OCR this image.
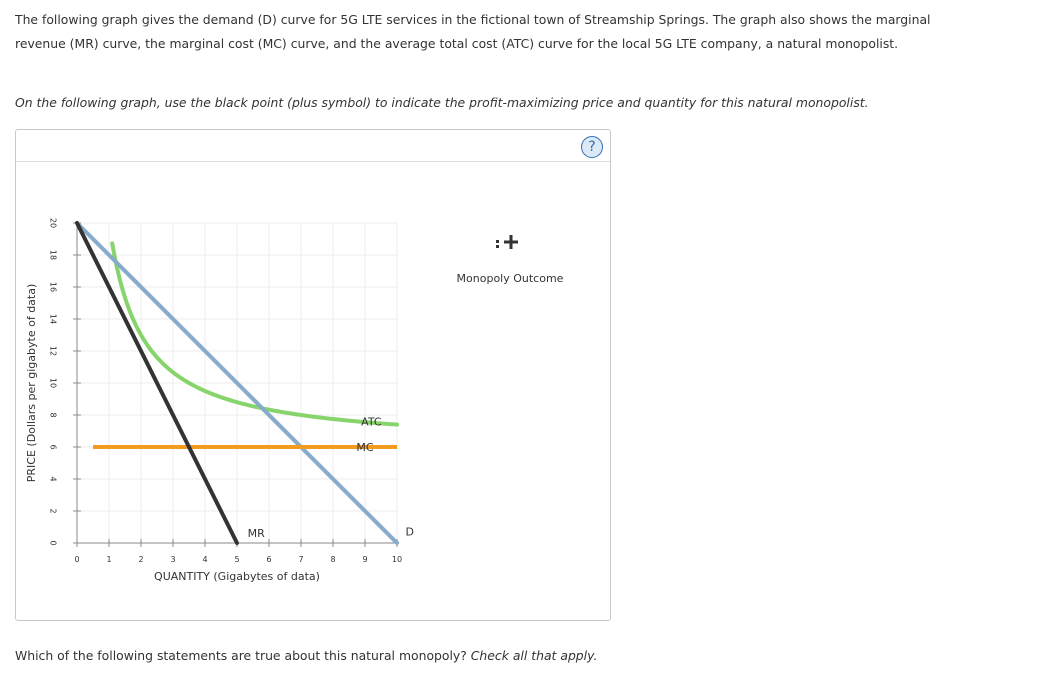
The following graph gives the demand (D) curve for 5G LTE services in the fictional town of Streamship Springs. The graph also shows the marginal
revenue (MR) curve, the marginal cost (MC) curve, and the average total cost (ATC) curve for the local 5G LTE company, a natural monopolist.
On the following graph, use the black point (plus symbol) to indicate the profit-maximizing price and quantity for this natural monopolist.
?
0	1	2	3	4	5	6	7	8	9	10
0
2
4
6
8
10
12
14
16
18
20
QUANTITY (Gigabytes of data)
PRICE (Dollars per gigabyte of data)	ATC
MC
MR	D
Monopoly Outcome
Which of the following statements are true about this natural monopoly? Check all that apply.
